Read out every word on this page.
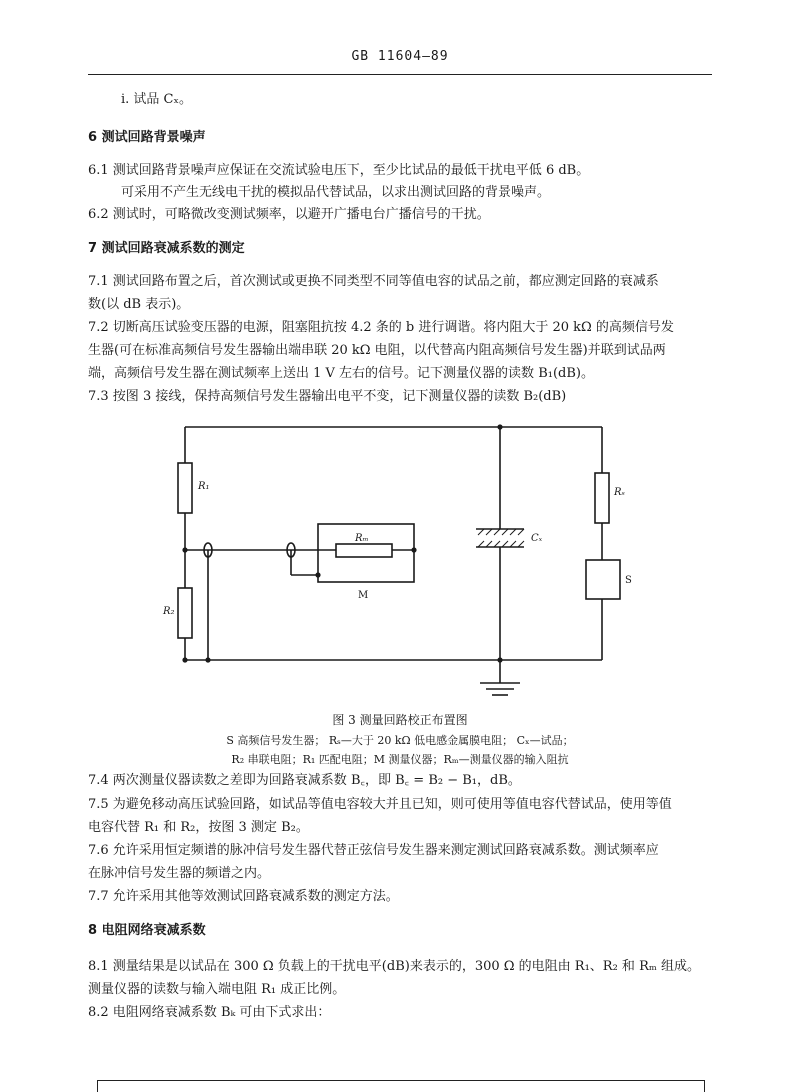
GB 11604—89
i. 试品 Cₓ。
6 测试回路背景噪声
6.1 测试回路背景噪声应保证在交流试验电压下，至少比试品的最低干扰电平低 6 dB。
可采用不产生无线电干扰的模拟品代替试品，以求出测试回路的背景噪声。
6.2 测试时，可略微改变测试频率，以避开广播电台广播信号的干扰。
7 测试回路衰减系数的测定
7.1 测试回路布置之后，首次测试或更换不同类型不同等值电容的试品之前，都应测定回路的衰减系
数(以 dB 表示)。
7.2 切断高压试验变压器的电源，阻塞阻抗按 4.2 条的 b 进行调谐。将内阻大于 20 kΩ 的高频信号发
生器(可在标准高频信号发生器输出端串联 20 kΩ 电阻，以代替高内阻高频信号发生器)并联到试品两
端，高频信号发生器在测试频率上送出 1 V 左右的信号。记下测量仪器的读数 B₁(dB)。
7.3 按图 3 接线，保持高频信号发生器输出电平不变，记下测量仪器的读数 B₂(dB)
R₁
R₂
Rₘ
M
Cₓ
Rₛ
S
图 3 测量回路校正布置图
S 高频信号发生器； Rₛ—大于 20 kΩ 低电感金属膜电阻； Cₓ—试品；
R₂ 串联电阻；R₁ 匹配电阻；M 测量仪器；Rₘ—测量仪器的输入阻抗
7.4 两次测量仪器读数之差即为回路衰减系数 B꜀，即 B꜀ = B₂ − B₁，dB。
7.5 为避免移动高压试验回路，如试品等值电容较大并且已知，则可使用等值电容代替试品，使用等值
电容代替 R₁ 和 R₂，按图 3 测定 B₂。
7.6 允许采用恒定频谱的脉冲信号发生器代替正弦信号发生器来测定测试回路衰减系数。测试频率应
在脉冲信号发生器的频谱之内。
7.7 允许采用其他等效测试回路衰减系数的测定方法。
8 电阻网络衰减系数
8.1 测量结果是以试品在 300 Ω 负载上的干扰电平(dB)来表示的，300 Ω 的电阻由 R₁、R₂ 和 Rₘ 组成。
测量仪器的读数与输入端电阻 R₁ 成正比例。
8.2 电阻网络衰减系数 Bₖ 可由下式求出：
